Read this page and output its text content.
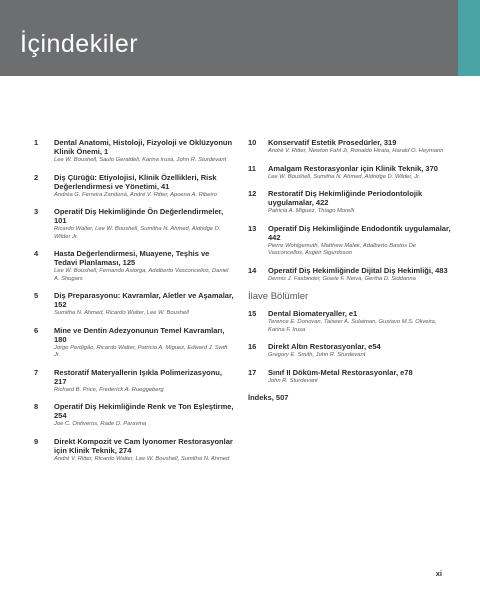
İçindekiler
1	Dental Anatomi, Histoloji, Fizyoloji ve Oklüzyonun Klinik Önemi, 1
Lee W. Boushell, Saulo Geraldeli, Karina Irusa, John R. Sturdevant
2	Diş Çürüğü: Etiyolojisi, Klinik Özellikleri, Risk Değerlendirmesi ve Yönetimi, 41
Andréa G. Ferreira Zandoná, André V. Ritter, Apoena A. Ribeiro
3	Operatif Diş Hekimliğinde Ön Değerlendirmeler, 101
Ricardo Walter, Lee W. Boushell, Sumitha N. Ahmed, Aldridge D. Wilder Jr.
4	Hasta Değerlendirmesi, Muayene, Teşhis ve Tedavi Planlaması, 125
Lee W. Boushell, Fernando Astorga, Adalberto Vasconcellos, Daniel A. Shugars
5	Diş Preparasyonu: Kavramlar, Aletler ve Aşamalar, 152
Sumitha N. Ahmed, Ricardo Walter, Lee W. Boushell
6	Mine ve Dentin Adezyonunun Temel Kavramları, 180
Jorge Perdigão, Ricardo Walter, Patricia A. Miguez, Edward J. Swift Jr.
7	Restoratif Materyallerin Işıkla Polimerizasyonu, 217
Richard B. Price, Frederick A. Rueggeberg
8	Operatif Diş Hekimliğinde Renk ve Ton Eşleştirme, 254
Joe C. Ontiveros, Rade D. Paravina
9	Direkt Kompozit ve Cam İyonomer Restorasyonlar için Klinik Teknik, 274
André V. Ritter, Ricardo Walter, Lee W. Boushell, Sumitha N. Ahmed
10	Konservatif Estetik Prosedürler, 319
André V. Ritter, Newton Fahl Jr, Ronaldo Hirata, Harald O. Heymann
11	Amalgam Restorasyonlar için Klinik Teknik, 370
Lee W. Boushell, Sumitha N. Ahmed, Aldridge D. Wilder, Jr.
12	Restoratif Diş Hekimliğinde Periodontolojik uygulamalar, 422
Patricia A. Miguez, Thiago Morelli
13	Operatif Diş Hekimliğinde Endodontik uygulamalar, 442
Pierre Wohlgemuth, Matthew Malek, Adalberto Bastos De Vasconcellos, Asgeir Sigurdsson
14	Operatif Diş Hekimliğinde Dijital Diş Hekimliği, 483
Dennis J. Fasbinder, Gisele F. Neiva, Gertha D. Siddanna
İlave Bölümler
15	Dental Biomateryaller, e1
Terence E. Donovan, Taiseer A. Sulaiman, Gustavo M.S. Oliveira, Karina F. Irusa
16	Direkt Altın Restorasyonlar, e54
Gregory E. Smith, John R. Sturdevant
17	Sınıf II Döküm-Metal Restorasyonlar, e78
John R. Sturdevant
İndeks, 507
xi
